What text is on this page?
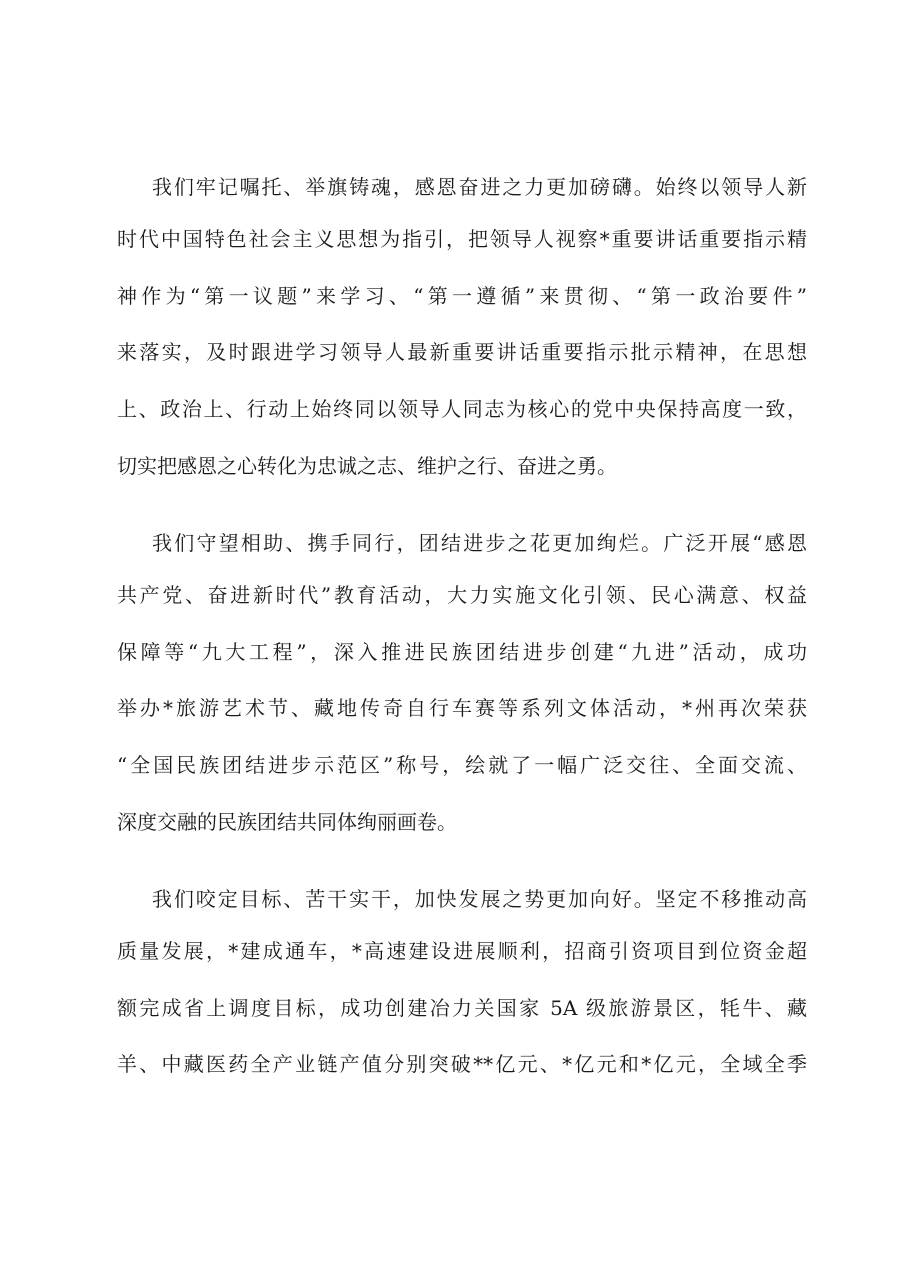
我们牢记嘱托、举旗铸魂，感恩奋进之力更加磅礴。始终以领导人新
时代中国特色社会主义思想为指引，把领导人视察*重要讲话重要指示精
神作为“第一议题”来学习、“第一遵循”来贯彻、“第一政治要件”
来落实，及时跟进学习领导人最新重要讲话重要指示批示精神，在思想
上、政治上、行动上始终同以领导人同志为核心的党中央保持高度一致，
切实把感恩之心转化为忠诚之志、维护之行、奋进之勇。
我们守望相助、携手同行，团结进步之花更加绚烂。广泛开展“感恩
共产党、奋进新时代”教育活动，大力实施文化引领、民心满意、权益
保障等“九大工程”，深入推进民族团结进步创建“九进”活动，成功
举办*旅游艺术节、藏地传奇自行车赛等系列文体活动，*州再次荣获
“全国民族团结进步示范区”称号，绘就了一幅广泛交往、全面交流、
深度交融的民族团结共同体绚丽画卷。
我们咬定目标、苦干实干，加快发展之势更加向好。坚定不移推动高
质量发展，*建成通车，*高速建设进展顺利，招商引资项目到位资金超
额完成省上调度目标，成功创建冶力关国家 5A 级旅游景区，牦牛、藏
羊、中藏医药全产业链产值分别突破**亿元、*亿元和*亿元，全域全季
